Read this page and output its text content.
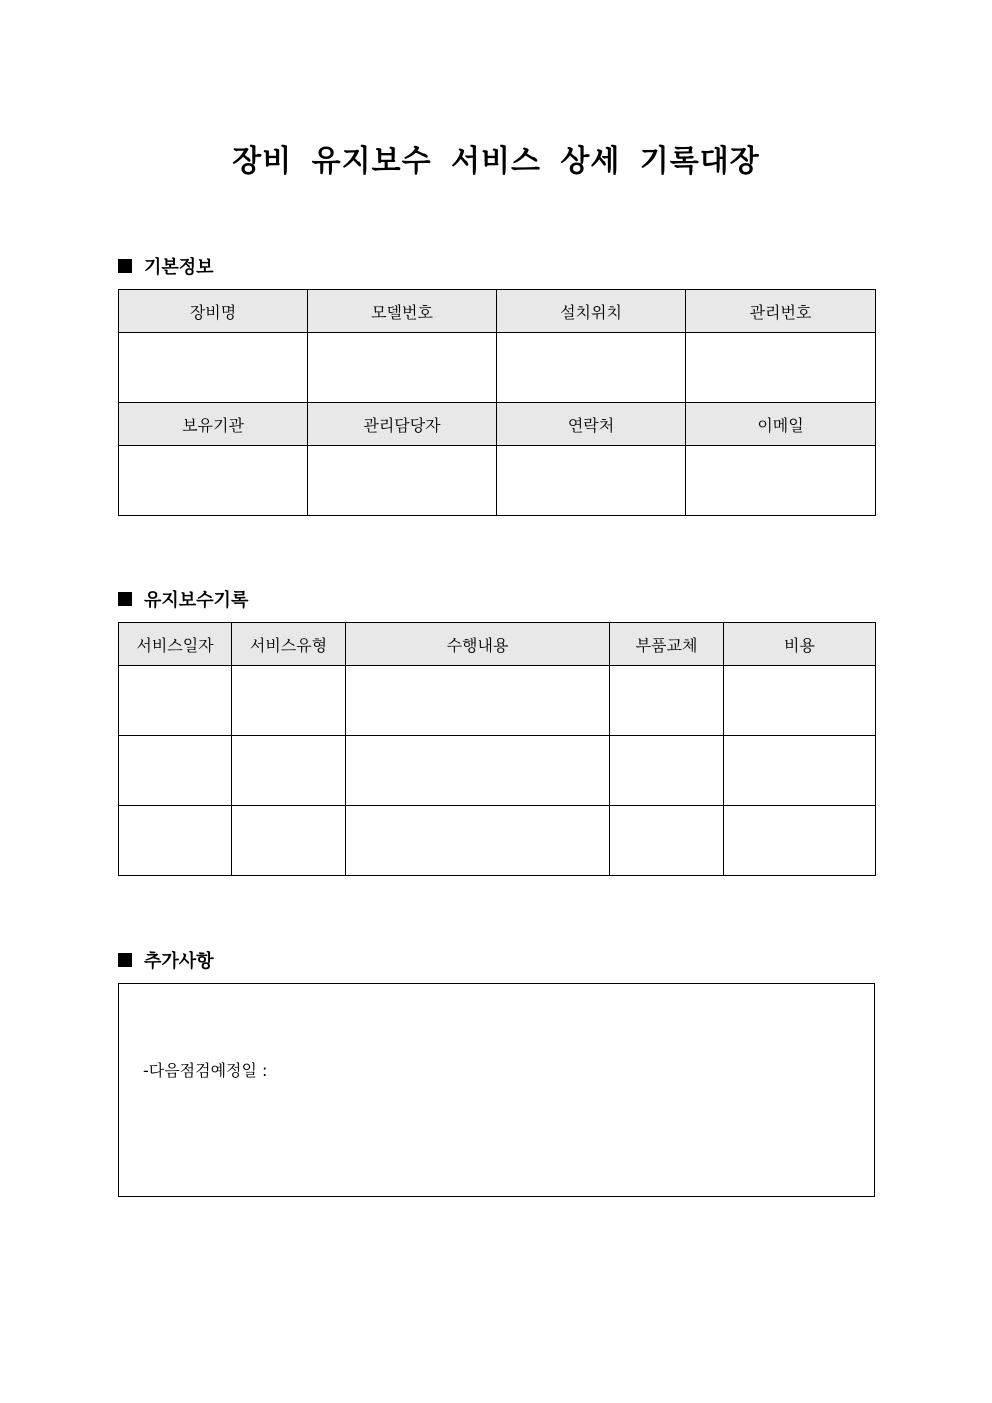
장비 유지보수 서비스 상세 기록대장
기본정보
장비명	모델번호	설치위치	관리번호

보유기관	관리담당자	연락처	이메일

유지보수기록
서비스일자	서비스유형	수행내용	부품교체	비용

추가사항
-다음점검예정일 :
